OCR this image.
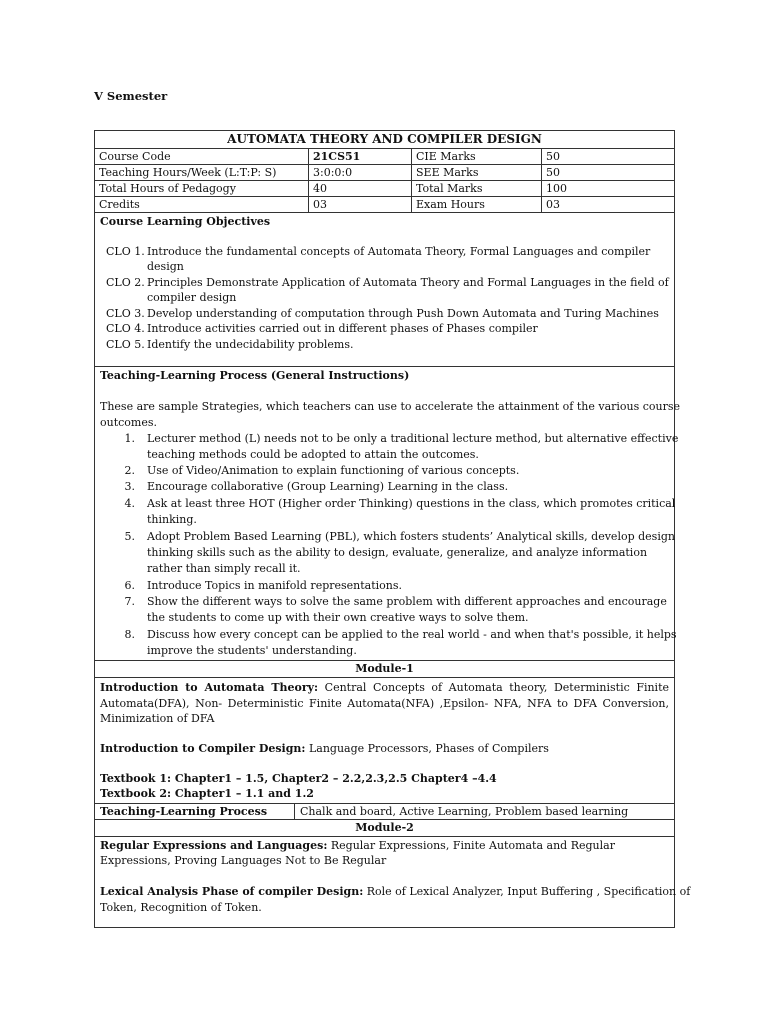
V Semester
AUTOMATA THEORY AND COMPILER DESIGN
Course Code	21CS51	CIE Marks	50
Teaching Hours/Week (L:T:P: S)	3:0:0:0	SEE Marks	50
Total Hours of Pedagogy	40	Total Marks	100
Credits	03	Exam Hours	03
Course Learning Objectives
CLO 1. Introduce the fundamental concepts of Automata Theory, Formal Languages and compiler
design
CLO 2. Principles Demonstrate Application of Automata Theory and Formal Languages in the field of
compiler design
CLO 3. Develop understanding of computation through Push Down Automata and Turing Machines
CLO 4. Introduce activities carried out in different phases of Phases compiler
CLO 5. Identify the undecidability problems.
Teaching-Learning Process (General Instructions)
These are sample Strategies, which teachers can use to accelerate the attainment of the various course
outcomes.
1. Lecturer method (L) needs not to be only a traditional lecture method, but alternative effective
teaching methods could be adopted to attain the outcomes.
2. Use of Video/Animation to explain functioning of various concepts.
3. Encourage collaborative (Group Learning) Learning in the class.
4. Ask at least three HOT (Higher order Thinking) questions in the class, which promotes critical
thinking.
5. Adopt Problem Based Learning (PBL), which fosters students’ Analytical skills, develop design
thinking skills such as the ability to design, evaluate, generalize, and analyze information
rather than simply recall it.
6. Introduce Topics in manifold representations.
7. Show the different ways to solve the same problem with different approaches and encourage
the students to come up with their own creative ways to solve them.
8. Discuss how every concept can be applied to the real world - and when that's possible, it helps
improve the students' understanding.
Module-1
Introduction to Automata Theory: Central Concepts of Automata theory, Deterministic Finite Automata(DFA), Non- Deterministic Finite Automata(NFA) ,Epsilon- NFA, NFA to DFA Conversion, Minimization of DFA
Introduction to Compiler Design: Language Processors, Phases of Compilers
Textbook 1: Chapter1 – 1.5, Chapter2 – 2.2,2.3,2.5 Chapter4 –4.4
Textbook 2: Chapter1 – 1.1 and 1.2
Teaching-Learning Process	Chalk and board, Active Learning, Problem based learning
Module-2
Regular Expressions and Languages: Regular Expressions, Finite Automata and Regular
Expressions, Proving Languages Not to Be Regular
Lexical Analysis Phase of compiler Design: Role of Lexical Analyzer, Input Buffering , Specification of
Token, Recognition of Token.
